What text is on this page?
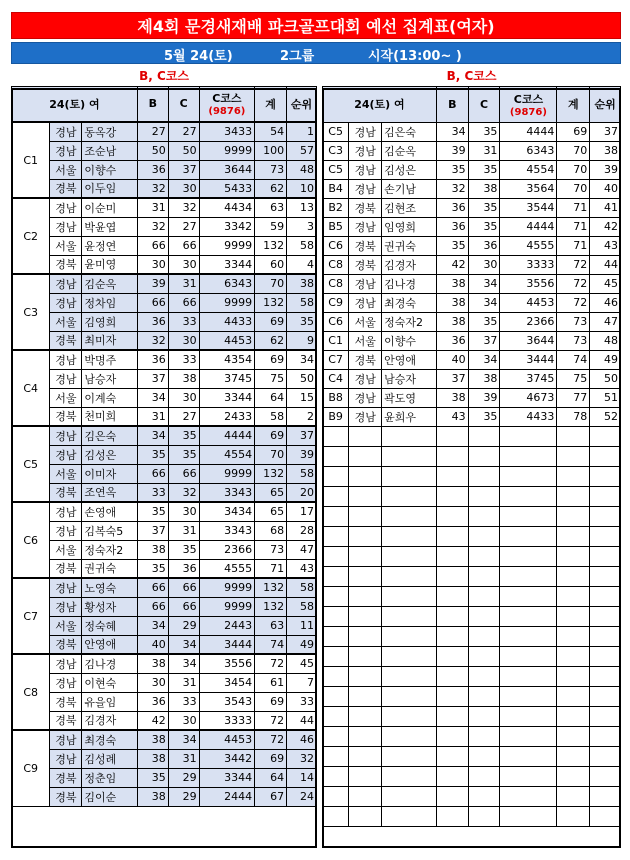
제4회 문경새재배 파크골프대회 예선 집계표(여자)
5월 24(토)	2그룹	시작(13:00~ )
B, C코스							
24(토) 여			B	C	C코스
(9876)	계	순위
C1	경남	동옥강	27	27	3433	54	1
	경남	조순남	50	50	9999	100	57
	서울	이향수	36	37	3644	73	48
	경북	이두임	32	30	5433	62	10
C2	경남	이순미	31	32	4434	63	13
	경남	박윤엽	32	27	3342	59	3
	서울	윤정연	66	66	9999	132	58
	경북	윤미영	30	30	3344	60	4
C3	경남	김순옥	39	31	6343	70	38
	경남	정차임	66	66	9999	132	58
	서울	김영희	36	33	4433	69	35
	경북	최미자	32	30	4453	62	9
C4	경남	박명주	36	33	4354	69	34
	경남	남승자	37	38	3745	75	50
	서울	이계숙	34	30	3344	64	15
	경북	천미희	31	27	2433	58	2
C5	경남	김은숙	34	35	4444	69	37
	경남	김성은	35	35	4554	70	39
	서울	이미자	66	66	9999	132	58
	경북	조연옥	33	32	3343	65	20
C6	경남	손영애	35	30	3434	65	17
	경남	김복숙5	37	31	3343	68	28
	서울	정숙자2	38	35	2366	73	47
	경북	권귀숙	35	36	4555	71	43
C7	경남	노영숙	66	66	9999	132	58
	경남	황성자	66	66	9999	132	58
	서울	정숙혜	34	29	2443	63	11
	경북	안영애	40	34	3444	74	49
C8	경남	김나경	38	34	3556	72	45
	경남	이현숙	30	31	3454	61	7
	경북	유을임	36	33	3543	69	33
	경북	김경자	42	30	3333	72	44
C9	경남	최경숙	38	34	4453	72	46
	경남	김성례	38	31	3442	69	32
	경북	정춘임	35	29	3344	64	14
	경북	김이순	38	29	2444	67	24
B, C코스							
24(토) 여			B	C	C코스
(9876)	계	순위
C5	경남	김은숙	34	35	4444	69	37
C3	경남	김순옥	39	31	6343	70	38
C5	경남	김성은	35	35	4554	70	39
B4	경남	손기남	32	38	3564	70	40
B2	경북	김현조	36	35	3544	71	41
B5	경남	임영희	36	35	4444	71	42
C6	경북	권귀숙	35	36	4555	71	43
C8	경북	김경자	42	30	3333	72	44
C8	경남	김나경	38	34	3556	72	45
C9	경남	최경숙	38	34	4453	72	46
C6	서울	정숙자2	38	35	2366	73	47
C1	서울	이향수	36	37	3644	73	48
C7	경북	안영애	40	34	3444	74	49
C4	경남	남승자	37	38	3745	75	50
B8	경남	곽도영	38	39	4673	77	51
B9	경남	윤희우	43	35	4433	78	52
